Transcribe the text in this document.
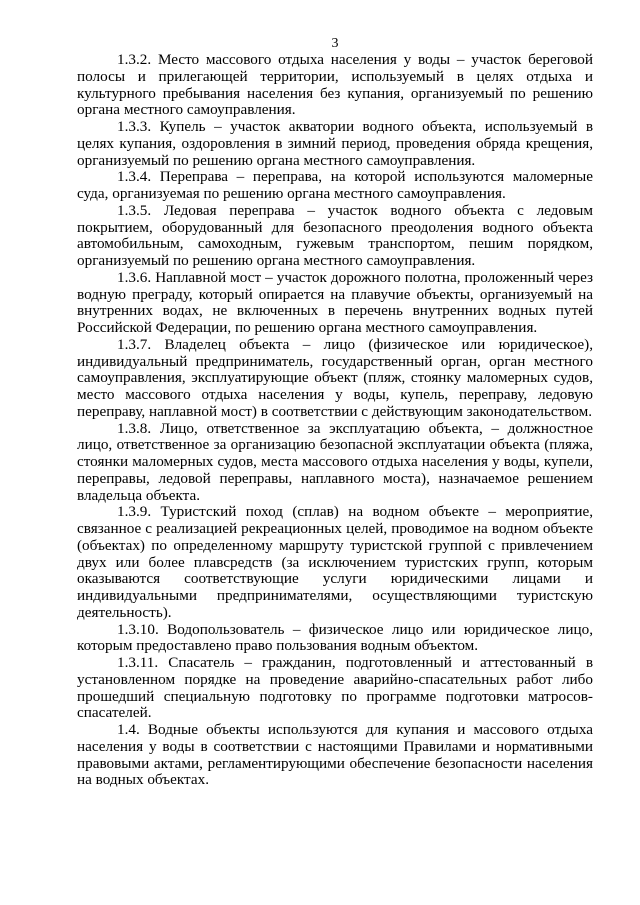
3

1.3.2. Место массового отдыха населения у воды – участок береговой полосы и прилегающей территории, используемый в целях отдыха и культурного пребывания населения без купания, организуемый по решению органа местного самоуправления.

1.3.3. Купель – участок акватории водного объекта, используемый в целях купания, оздоровления в зимний период, проведения обряда крещения, организуемый по решению органа местного самоуправления.

1.3.4. Переправа – переправа, на которой используются маломерные суда, организуемая по решению органа местного самоуправления.

1.3.5. Ледовая переправа – участок водного объекта с ледовым покрытием, оборудованный для безопасного преодоления водного объекта автомобильным, самоходным, гужевым транспортом, пешим порядком, организуемый по решению органа местного самоуправления.

1.3.6. Наплавной мост – участок дорожного полотна, проложенный через водную преграду, который опирается на плавучие объекты, организуемый на внутренних водах, не включенных в перечень внутренних водных путей Российской Федерации, по решению органа местного самоуправления.

1.3.7. Владелец объекта – лицо (физическое или юридическое), индивидуальный предприниматель, государственный орган, орган местного самоуправления, эксплуатирующие объект (пляж, стоянку маломерных судов, место массового отдыха населения у воды, купель, переправу, ледовую переправу, наплавной мост) в соответствии с действующим законодательством.

1.3.8. Лицо, ответственное за эксплуатацию объекта, – должностное лицо, ответственное за организацию безопасной эксплуатации объекта (пляжа, стоянки маломерных судов, места массового отдыха населения у воды, купели, переправы, ледовой переправы, наплавного моста), назначаемое решением владельца объекта.

1.3.9. Туристский поход (сплав) на водном объекте – мероприятие, связанное с реализацией рекреационных целей, проводимое на водном объекте (объектах) по определенному маршруту туристской группой с привлечением двух или более плавсредств (за исключением туристских групп, которым оказываются соответствующие услуги юридическими лицами и индивидуальными предпринимателями, осуществляющими туристскую деятельность).

1.3.10. Водопользователь – физическое лицо или юридическое лицо, которым предоставлено право пользования водным объектом.

1.3.11. Спасатель – гражданин, подготовленный и аттестованный в установленном порядке на проведение аварийно-спасательных работ либо прошедший специальную подготовку по программе подготовки матросов-спасателей.

1.4. Водные объекты используются для купания и массового отдыха населения у воды в соответствии с настоящими Правилами и нормативными правовыми актами, регламентирующими обеспечение безопасности населения на водных объектах.
